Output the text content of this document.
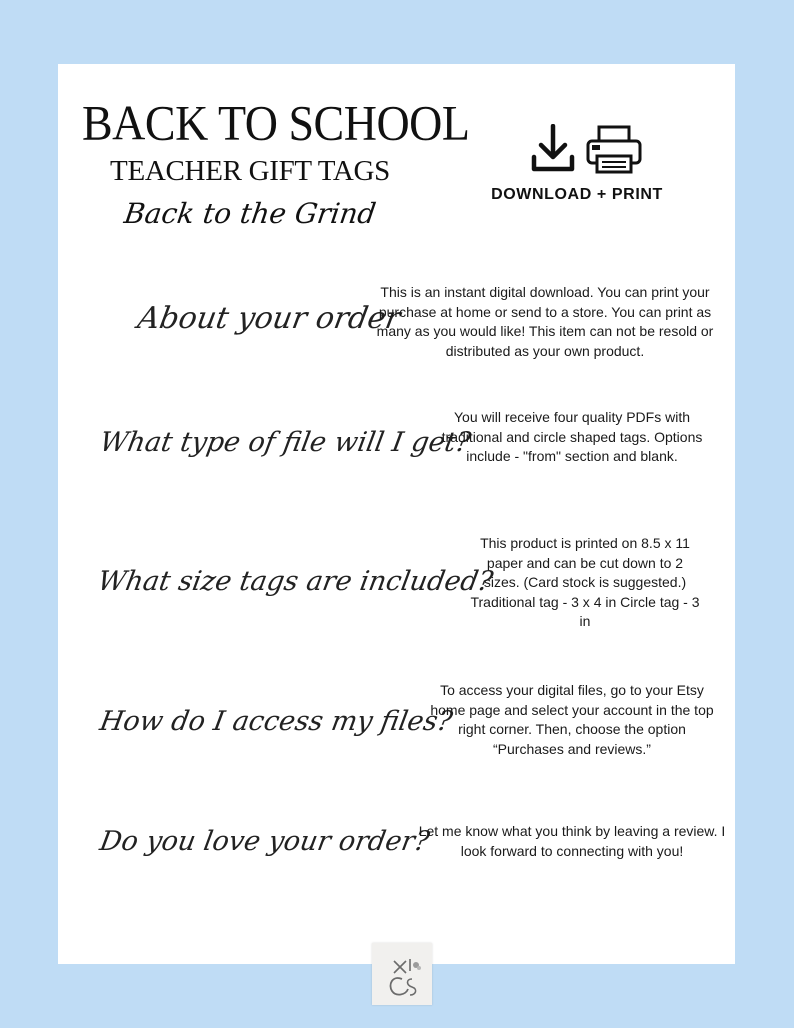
BACK TO SCHOOL
TEACHER GIFT TAGS
Back to the Grind
DOWNLOAD + PRINT
About your order
This is an instant digital download. You can print your purchase at home or send to a store. You can print as many as you would like! This item can not be resold or distributed as your own product.
What type of file will I get?
You will receive four quality PDFs with traditional and circle shaped tags. Options include - "from" section and blank.
What size tags are included?
This product is printed on 8.5 x 11 paper and can be cut down to 2 sizes. (Card stock is suggested.) Traditional tag - 3 x 4 in Circle tag - 3 in
How do I access my files?
To access your digital files, go to your Etsy home page and select your account in the top right corner. Then, choose the option “Purchases and reviews.”
Do you love your order?
Let me know what you think by leaving a review. I look forward to connecting with you!
